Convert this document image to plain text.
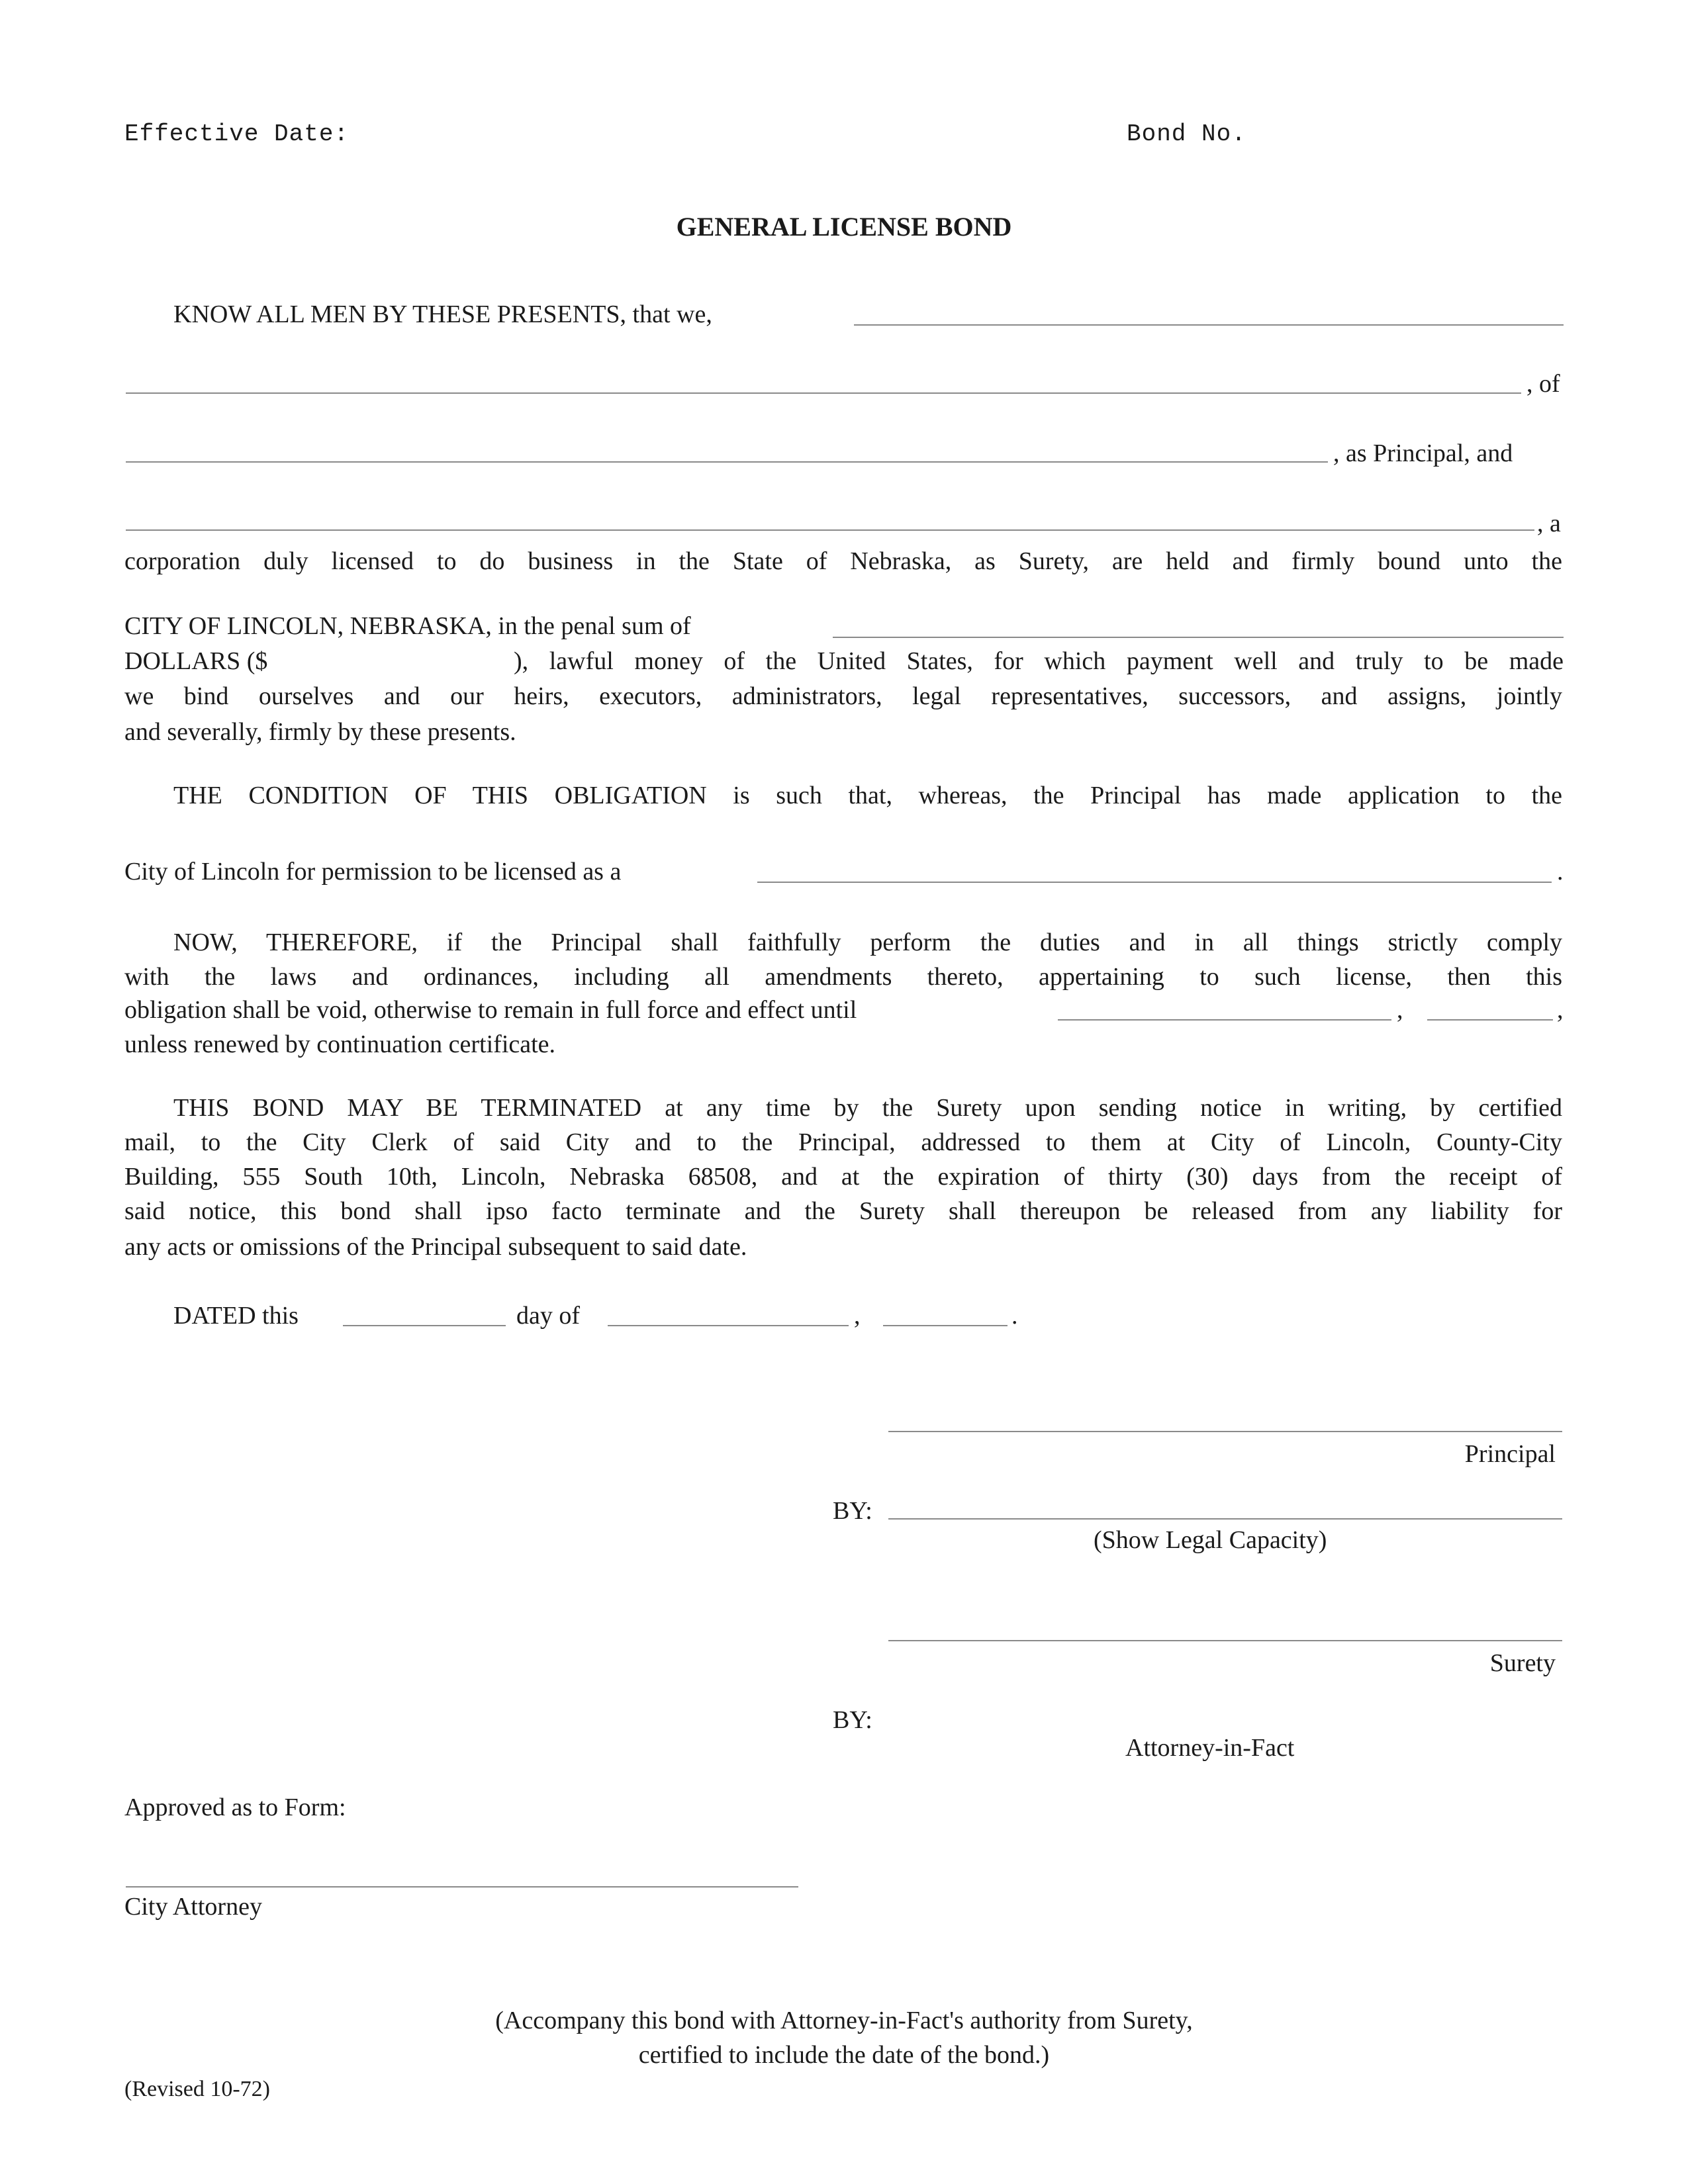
Effective Date:	Bond No.
GENERAL LICENSE BOND
KNOW ALL MEN BY THESE PRESENTS, that we,
, of
, as Principal, and
, a
corporation duly licensed to do business in the State of Nebraska, as Surety, are held and firmly bound unto the
CITY OF LINCOLN, NEBRASKA, in the penal sum of
DOLLARS ($	), lawful money of the United States, for which payment well and truly to be made
we bind ourselves and our heirs, executors, administrators, legal representatives, successors, and assigns, jointly
and severally, firmly by these presents.
THE CONDITION OF THIS OBLIGATION is such that, whereas, the Principal has made application to the
City of Lincoln for permission to be licensed as a	.
NOW, THEREFORE, if the Principal shall faithfully perform the duties and in all things strictly comply
with the laws and ordinances, including all amendments thereto, appertaining to such license, then this
obligation shall be void, otherwise to remain in full force and effect until	,	,
unless renewed by continuation certificate.
THIS BOND MAY BE TERMINATED at any time by the Surety upon sending notice in writing, by certified
mail, to the City Clerk of said City and to the Principal, addressed to them at City of Lincoln, County-City
Building, 555 South 10th, Lincoln, Nebraska 68508, and at the expiration of thirty (30) days from the receipt of
said notice, this bond shall ipso facto terminate and the Surety shall thereupon be released from any liability for
any acts or omissions of the Principal subsequent to said date.
DATED this	day of	,	.
Principal
BY:
(Show Legal Capacity)
Surety
BY:
Attorney-in-Fact
Approved as to Form:
City Attorney
(Accompany this bond with Attorney-in-Fact's authority from Surety,
certified to include the date of the bond.)
(Revised 10-72)
